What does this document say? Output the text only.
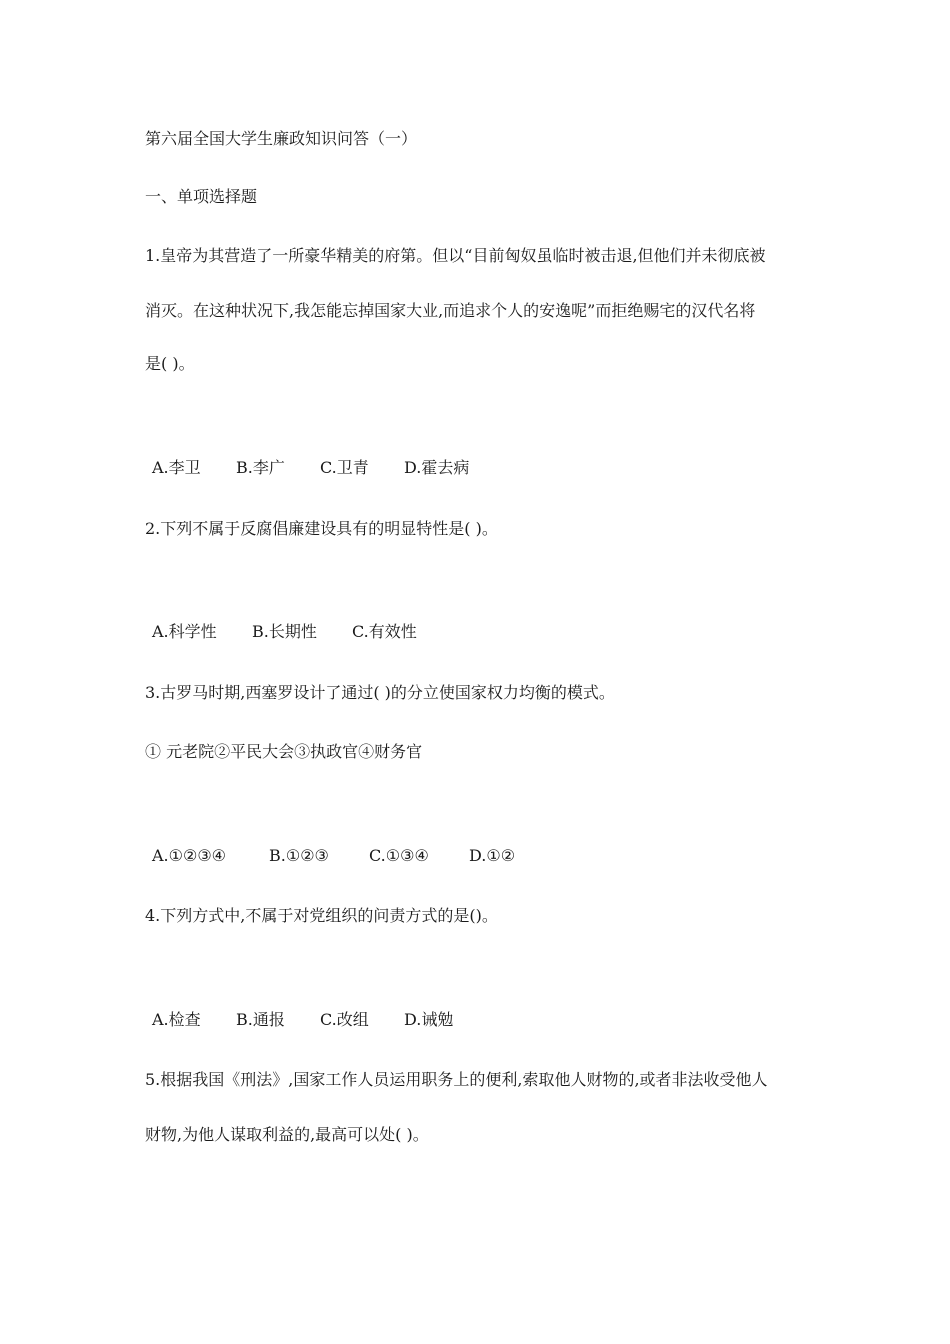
第六届全国大学生廉政知识问答（一）
一、单项选择题
1.皇帝为其营造了一所豪华精美的府第。但以“目前匈奴虽临时被击退,但他们并未彻底被
消灭。在这种状况下,我怎能忘掉国家大业,而追求个人的安逸呢”而拒绝赐宅的汉代名将
是( )。
A.李卫	B.李广	C.卫青	D.霍去病
2.下列不属于反腐倡廉建设具有的明显特性是( )。
A.科学性	B.长期性	C.有效性
3.古罗马时期,西塞罗设计了通过( )的分立使国家权力均衡的模式。
① 元老院②平民大会③执政官④财务官
A.①②③④	B.①②③	C.①③④	D.①②
4.下列方式中,不属于对党组织的问责方式的是()。
A.检查	B.通报	C.改组	D.诫勉
5.根据我国《刑法》,国家工作人员运用职务上的便利,索取他人财物的,或者非法收受他人
财物,为他人谋取利益的,最高可以处( )。
